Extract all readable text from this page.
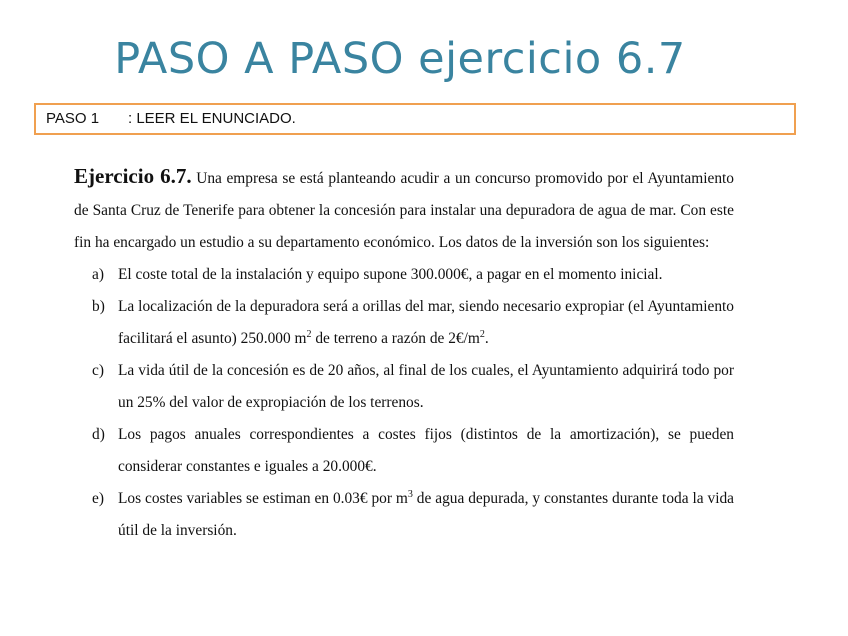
PASO A PASO ejercicio 6.7
PASO 1 : LEER EL ENUNCIADO.

Ejercicio 6.7. Una empresa se está planteando acudir a un concurso promovido por el Ayuntamiento de Santa Cruz de Tenerife para obtener la concesión para instalar una depuradora de agua de mar. Con este fin ha encargado un estudio a su departamento económico. Los datos de la inversión son los siguientes:

a) El coste total de la instalación y equipo supone 300.000€, a pagar en el momento inicial.
b) La localización de la depuradora será a orillas del mar, siendo necesario expropiar (el Ayuntamiento facilitará el asunto) 250.000 $m^2$ de terreno a razón de $2€/m^2$.
c) La vida útil de la concesión es de 20 años, al final de los cuales, el Ayuntamiento adquirirá todo por un 25% del valor de expropiación de los terrenos.
d) Los pagos anuales correspondientes a costes fijos (distintos de la amortización), se pueden considerar constantes e iguales a 20.000€.
e) Los costes variables se estiman en 0.03€ por $m^3$ de agua depurada, y constantes durante toda la vida útil de la inversión.
